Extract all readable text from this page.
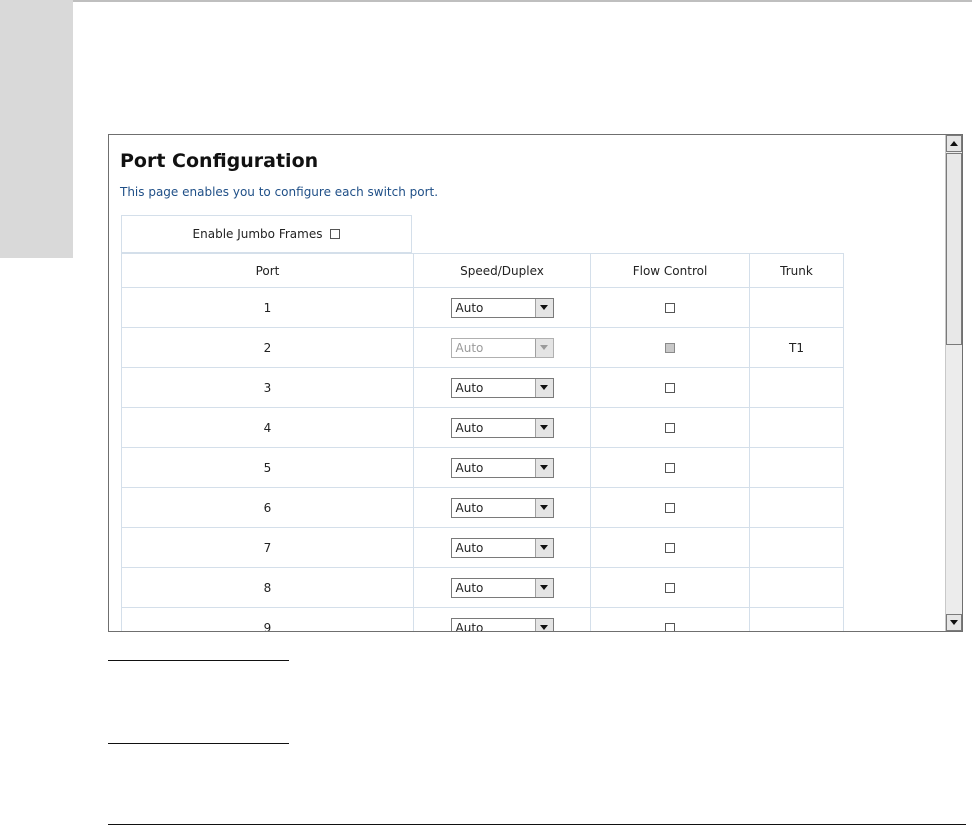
Port Configuration
This page enables you to configure each switch port.
Enable Jumbo Frames
Port	Speed/Duplex	Flow Control	Trunk
1	Auto		

2	Auto		T1
3	Auto		

4	Auto		

5	Auto		

6	Auto		

7	Auto		

8	Auto		

9	Auto		
